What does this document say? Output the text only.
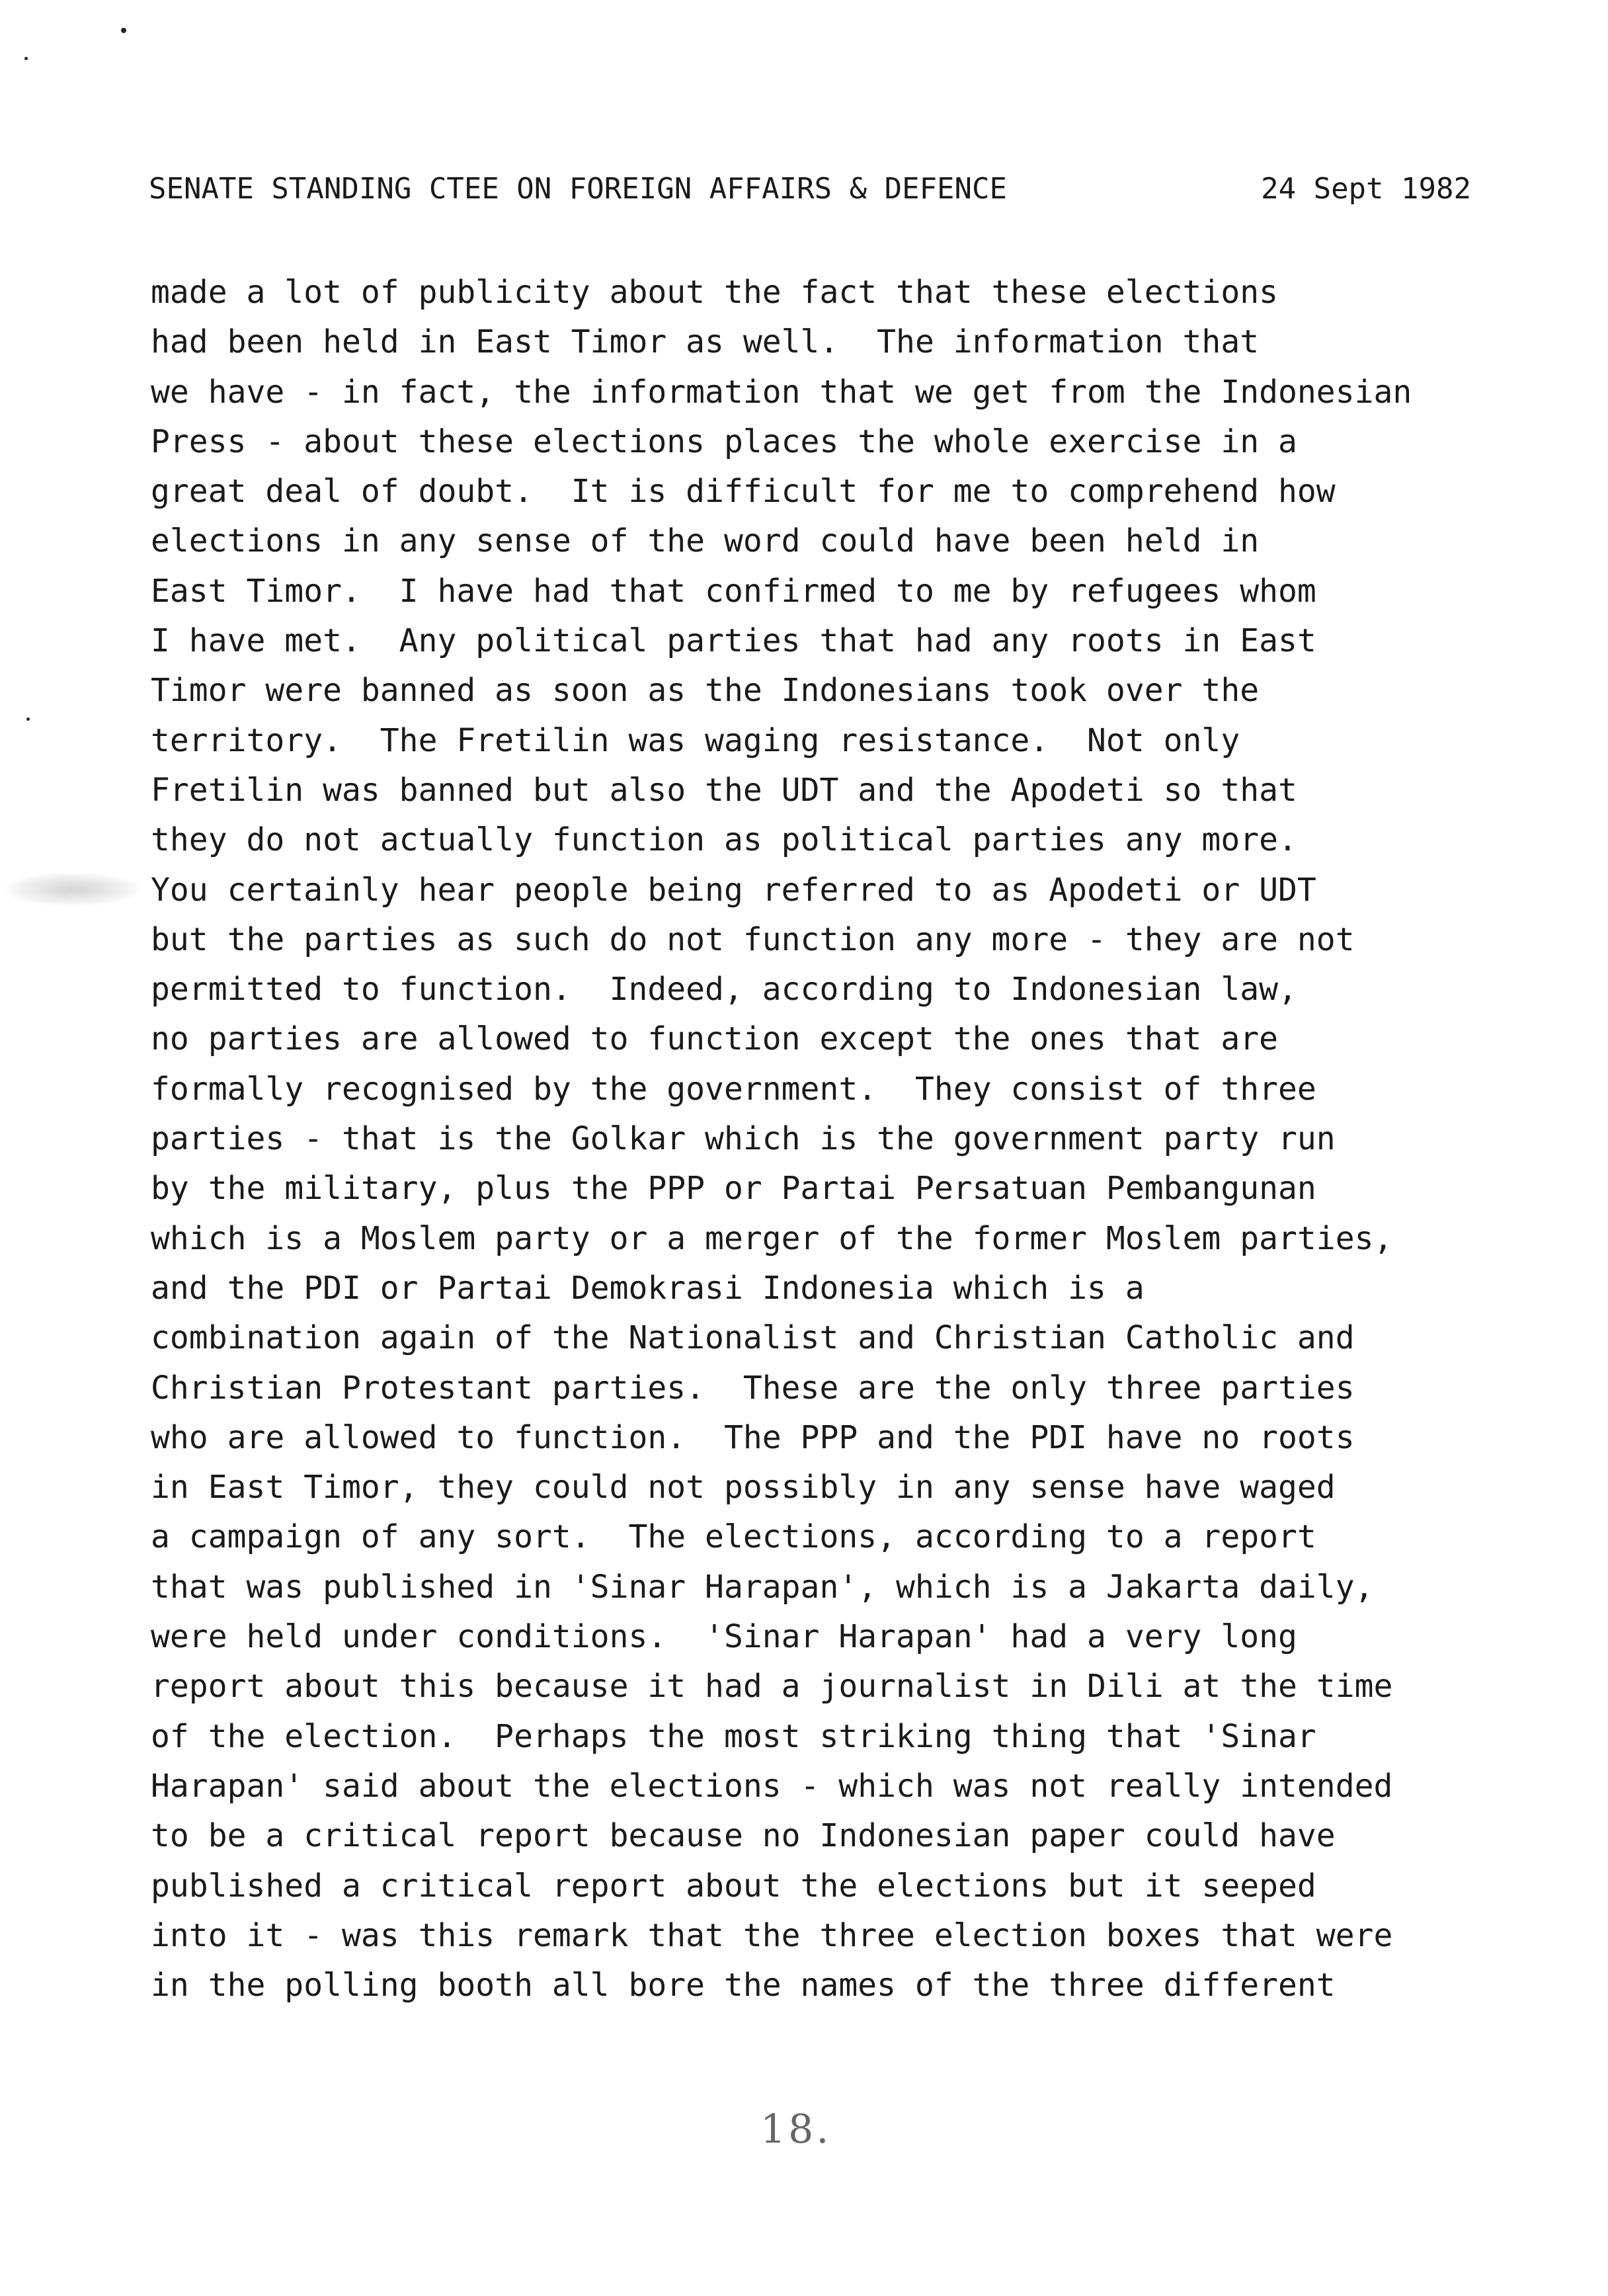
SENATE STANDING CTEE ON FOREIGN AFFAIRS & DEFENCE

	24 Sept 1982

made a lot of publicity about the fact that these elections
had been held in East Timor as well.  The information that
we have - in fact, the information that we get from the Indonesian
Press - about these elections places the whole exercise in a
great deal of doubt.  It is difficult for me to comprehend how
elections in any sense of the word could have been held in
East Timor.  I have had that confirmed to me by refugees whom
I have met.  Any political parties that had any roots in East
Timor were banned as soon as the Indonesians took over the
territory.  The Fretilin was waging resistance.  Not only
Fretilin was banned but also the UDT and the Apodeti so that
they do not actually function as political parties any more.
You certainly hear people being referred to as Apodeti or UDT
but the parties as such do not function any more - they are not
permitted to function.  Indeed, according to Indonesian law,
no parties are allowed to function except the ones that are
formally recognised by the government.  They consist of three
parties - that is the Golkar which is the government party run
by the military, plus the PPP or Partai Persatuan Pembangunan
which is a Moslem party or a merger of the former Moslem parties,
and the PDI or Partai Demokrasi Indonesia which is a
combination again of the Nationalist and Christian Catholic and
Christian Protestant parties.  These are the only three parties
who are allowed to function.  The PPP and the PDI have no roots
in East Timor, they could not possibly in any sense have waged
a campaign of any sort.  The elections, according to a report
that was published in 'Sinar Harapan', which is a Jakarta daily,
were held under conditions.  'Sinar Harapan' had a very long
report about this because it had a journalist in Dili at the time
of the election.  Perhaps the most striking thing that 'Sinar
Harapan' said about the elections - which was not really intended
to be a critical report because no Indonesian paper could have
published a critical report about the elections but it seeped
into it - was this remark that the three election boxes that were
in the polling booth all bore the names of the three different
18.
